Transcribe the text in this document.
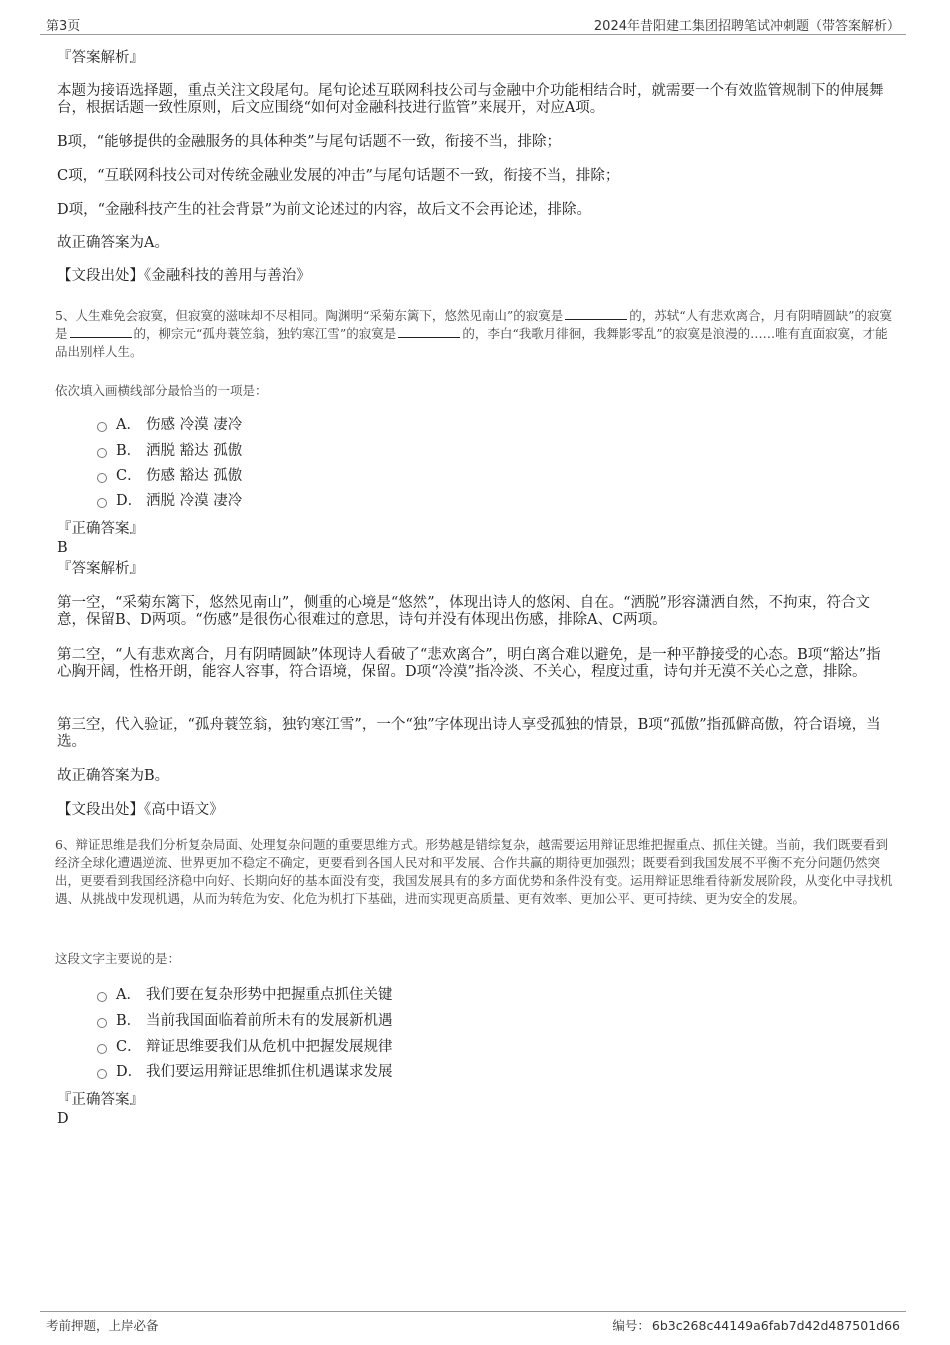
第3页	2024年昔阳建工集团招聘笔试冲刺题（带答案解析）
『答案解析』

本题为接语选择题，重点关注文段尾句。尾句论述互联网科技公司与金融中介功能相结合时，就需要一个有效监管规制下的伸展舞台，根据话题一致性原则，后文应围绕“如何对金融科技进行监管”来展开，对应A项。

B项，“能够提供的金融服务的具体种类”与尾句话题不一致，衔接不当，排除；

C项，“互联网科技公司对传统金融业发展的冲击”与尾句话题不一致，衔接不当，排除；

D项，“金融科技产生的社会背景”为前文论述过的内容，故后文不会再论述，排除。

故正确答案为A。

【文段出处】《金融科技的善用与善治》

5、人生难免会寂寞，但寂寞的滋味却不尽相同。陶渊明“采菊东篱下，悠然见南山”的寂寞是	的，苏轼“人有悲欢离合，月有阴晴圆缺”的寂寞是	的，柳宗元“孤舟蓑笠翁，独钓寒江雪”的寂寞是	的，李白“我歌月徘徊，我舞影零乱”的寂寞是浪漫的……唯有直面寂寞，才能品出别样人生。

依次填入画横线部分最恰当的一项是：

A． 伤感 冷漠 凄冷
B． 洒脱 豁达 孤傲
C． 伤感 豁达 孤傲
D． 洒脱 冷漠 凄冷
『正确答案』
B
『答案解析』

第一空，“采菊东篱下，悠然见南山”，侧重的心境是“悠然”，体现出诗人的悠闲、自在。“洒脱”形容潇洒自然，不拘束，符合文意，保留B、D两项。“伤感”是很伤心很难过的意思，诗句并没有体现出伤感，排除A、C两项。

第二空，“人有悲欢离合，月有阴晴圆缺”体现诗人看破了“悲欢离合”，明白离合难以避免，是一种平静接受的心态。B项“豁达”指心胸开阔，性格开朗，能容人容事，符合语境，保留。D项“冷漠”指冷淡、不关心，程度过重，诗句并无漠不关心之意，排除。

第三空，代入验证，“孤舟蓑笠翁，独钓寒江雪”，一个“独”字体现出诗人享受孤独的情景，B项“孤傲”指孤僻高傲，符合语境，当选。

故正确答案为B。

【文段出处】《高中语文》

6、辩证思维是我们分析复杂局面、处理复杂问题的重要思维方式。形势越是错综复杂，越需要运用辩证思维把握重点、抓住关键。当前，我们既要看到经济全球化遭遇逆流、世界更加不稳定不确定，更要看到各国人民对和平发展、合作共赢的期待更加强烈；既要看到我国发展不平衡不充分问题仍然突出，更要看到我国经济稳中向好、长期向好的基本面没有变，我国发展具有的多方面优势和条件没有变。运用辩证思维看待新发展阶段，从变化中寻找机遇、从挑战中发现机遇，从而为转危为安、化危为机打下基础，进而实现更高质量、更有效率、更加公平、更可持续、更为安全的发展。

这段文字主要说的是：

A． 我们要在复杂形势中把握重点抓住关键
B． 当前我国面临着前所未有的发展新机遇
C． 辩证思维要我们从危机中把握发展规律
D． 我们要运用辩证思维抓住机遇谋求发展
『正确答案』
D
考前押题，上岸必备	编号： 6b3c268c44149a6fab7d42d487501d66
